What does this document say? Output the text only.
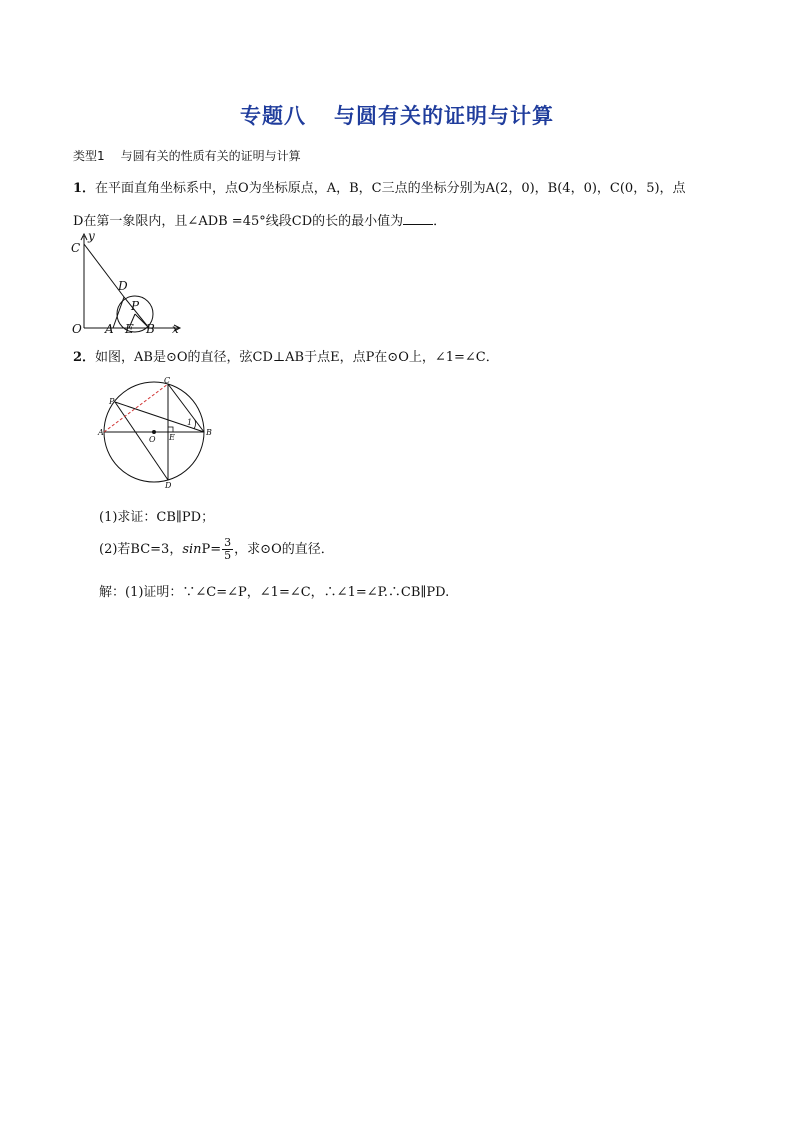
专题八 与圆有关的证明与计算
类型1 与圆有关的性质有关的证明与计算
1．在平面直角坐标系中，点O为坐标原点，A，B，C三点的坐标分别为A(2，0)，B(4，0)，C(0，5)，点
D在第一象限内，且∠ADB =45°线段CD的长的最小值为 ．
C
y
D
P
O A E B x
2．如图，AB是⊙O的直径，弦CD⊥AB于点E，点P在⊙O上，∠1=∠C．
C
P
A
O E
B
D
1
(1)求证：CB∥PD；
(2)若BC=3，$\sin P= \frac{3}{5}$ ，求⊙O的直径．
解：(1)证明：∵∠C=∠P，∠1=∠C，∴∠1=∠P.∴CB∥PD.
